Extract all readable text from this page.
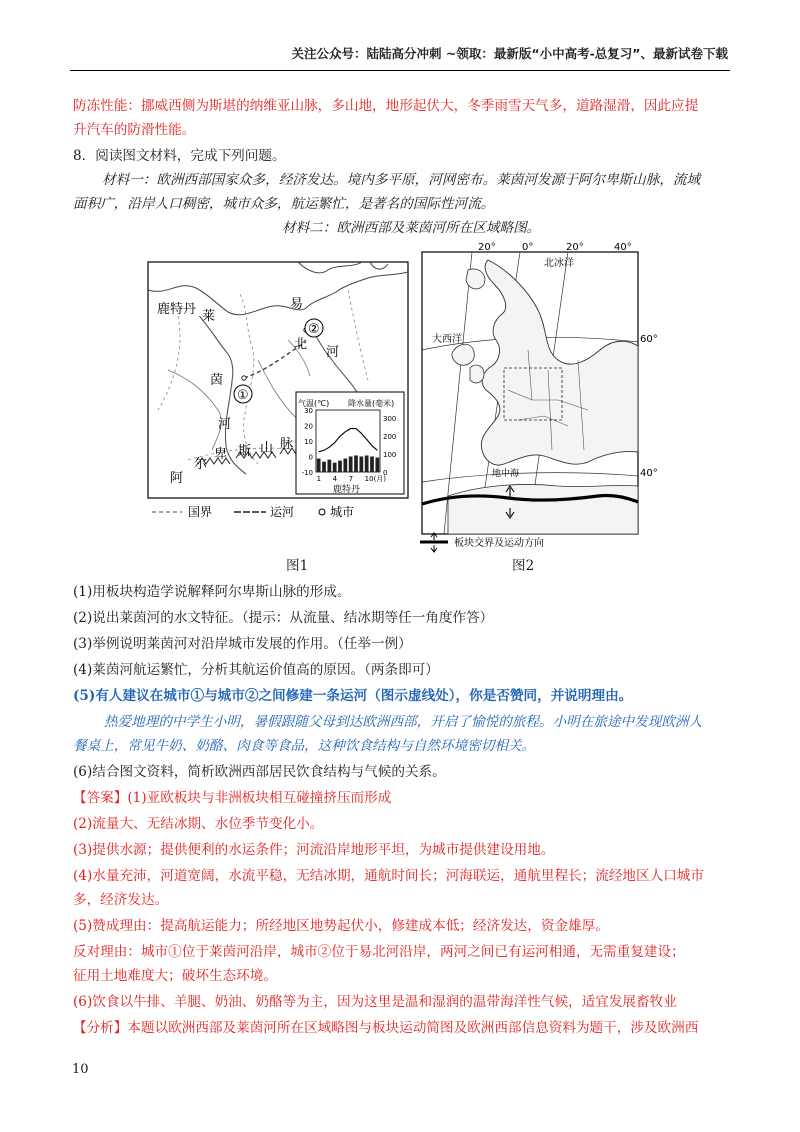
关注公众号：陆陆高分冲刺 ~领取：最新版“小中高考-总复习”、最新试卷下载
防冻性能：挪威西侧为斯堪的纳维亚山脉，多山地，地形起伏大，冬季雨雪天气多，道路湿滑，因此应提
升汽车的防滑性能。
8．阅读图文材料，完成下列问题。
材料一：欧洲西部国家众多，经济发达。境内多平原，河网密布。莱茵河发源于阿尔卑斯山脉，流域
面积广，沿岸人口稠密，城市众多，航运繁忙，是著名的国际性河流。
材料二：欧洲西部及莱茵河所在区域略图。
鹿特丹 莱
茵
河
易
北
河
①
②
阿
尔
卑 斯 山 脉
气温(℃) 降水量(毫米)
30
20
10
0
-10
300
200
100
0
1 4 7 10(月)
鹿特丹
国界	运河	城市
20°	0°	20°	40°
北冰洋
大西洋
地中海
60°
40°
板块交界及运动方向
图1	图2
(1)用板块构造学说解释阿尔卑斯山脉的形成。
(2)说出莱茵河的水文特征。（提示：从流量、结冰期等任一角度作答）
(3)举例说明莱茵河对沿岸城市发展的作用。（任举一例）
(4)莱茵河航运繁忙，分析其航运价值高的原因。（两条即可）
(5)有人建议在城市①与城市②之间修建一条运河（图示虚线处），你是否赞同，并说明理由。
热爱地理的中学生小明，暑假跟随父母到达欧洲西部，开启了愉悦的旅程。小明在旅途中发现欧洲人
餐桌上，常见牛奶、奶酪、肉食等食品，这种饮食结构与自然环境密切相关。
(6)结合图文资料，简析欧洲西部居民饮食结构与气候的关系。
【答案】(1)亚欧板块与非洲板块相互碰撞挤压而形成
(2)流量大、无结冰期、水位季节变化小。
(3)提供水源；提供便利的水运条件；河流沿岸地形平坦，为城市提供建设用地。
(4)水量充沛，河道宽阔，水流平稳，无结冰期，通航时间长；河海联运，通航里程长；流经地区人口城市
多，经济发达。
(5)赞成理由：提高航运能力；所经地区地势起伏小，修建成本低；经济发达，资金雄厚。
反对理由：城市①位于莱茵河沿岸，城市②位于易北河沿岸，两河之间已有运河相通，无需重复建设；
征用土地难度大；破坏生态环境。
(6)饮食以牛排、羊腿、奶油、奶酪等为主，因为这里是温和湿润的温带海洋性气候，适宜发展畜牧业
【分析】本题以欧洲西部及莱茵河所在区域略图与板块运动简图及欧洲西部信息资料为题干，涉及欧洲西
10
